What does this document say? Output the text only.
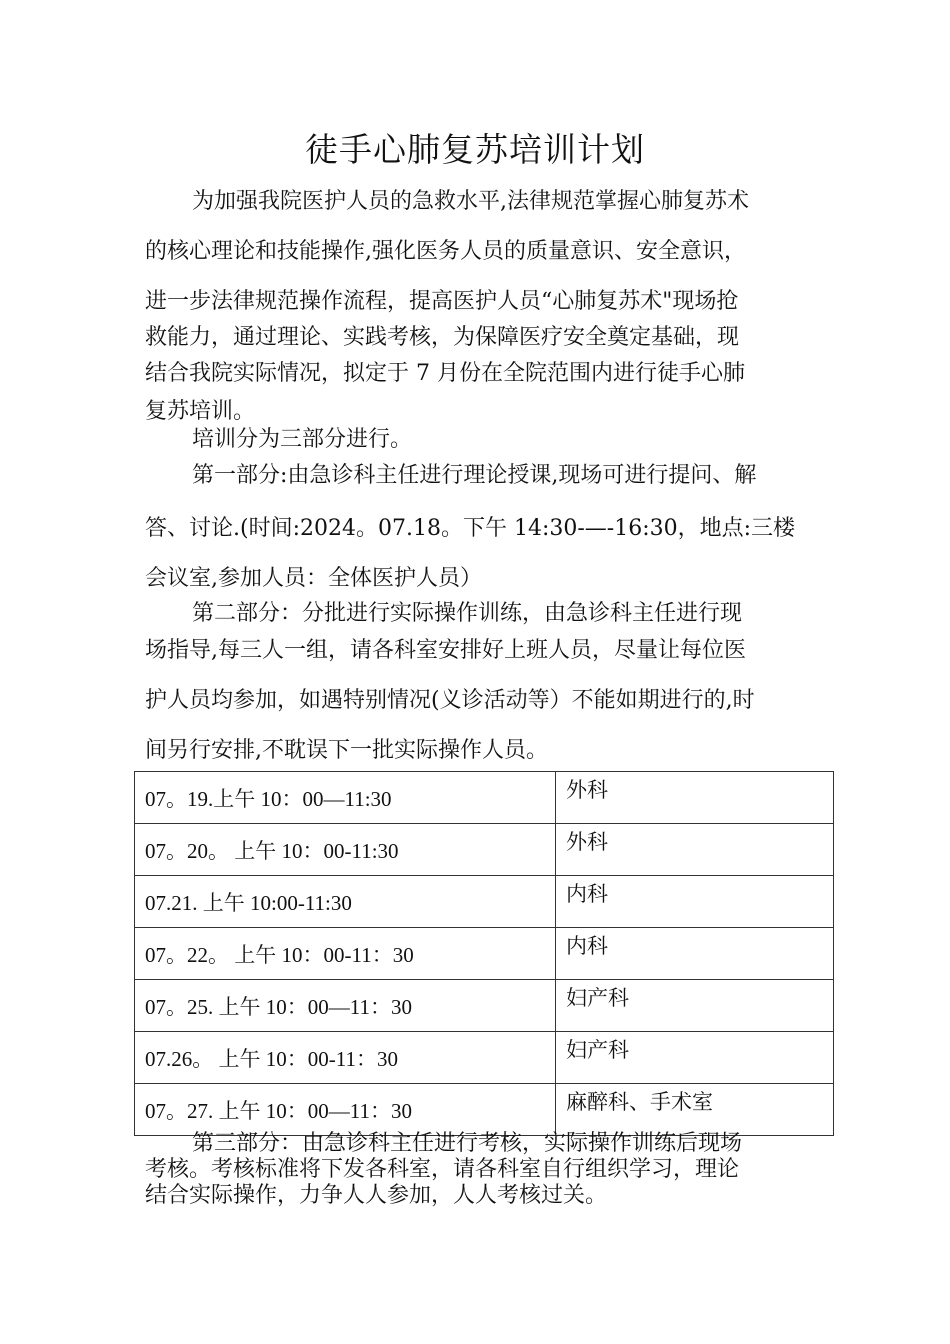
徒手心肺复苏培训计划
为加强我院医护人员的急救水平,法律规范掌握心肺复苏术
的核心理论和技能操作,强化医务人员的质量意识、安全意识，
进一步法律规范操作流程，提高医护人员“心肺复苏术"现场抢
救能力，通过理论、实践考核，为保障医疗安全奠定基础，现
结合我院实际情况，拟定于 7 月份在全院范围内进行徒手心肺
复苏培训。
培训分为三部分进行。
第一部分:由急诊科主任进行理论授课,现场可进行提问、解
答、讨论.(时间:2024。07.18。下午 14:30-—-16:30，地点:三楼
会议室,参加人员：全体医护人员）
第二部分：分批进行实际操作训练，由急诊科主任进行现
场指导,每三人一组，请各科室安排好上班人员，尽量让每位医
护人员均参加，如遇特别情况(义诊活动等）不能如期进行的,时
间另行安排,不耽误下一批实际操作人员。
07。19.上午 10：00—11:30	外科
07。20。 上午 10：00-11:30	外科
07.21. 上午 10:00-11:30	内科
07。22。 上午 10：00-11：30	内科
07。25. 上午 10：00—11：30	妇产科
07.26。 上午 10：00-11：30	妇产科
07。27. 上午 10：00—11：30	麻醉科、手术室
第三部分：由急诊科主任进行考核，实际操作训练后现场
考核。考核标准将下发各科室，请各科室自行组织学习，理论
结合实际操作，力争人人参加，人人考核过关。
